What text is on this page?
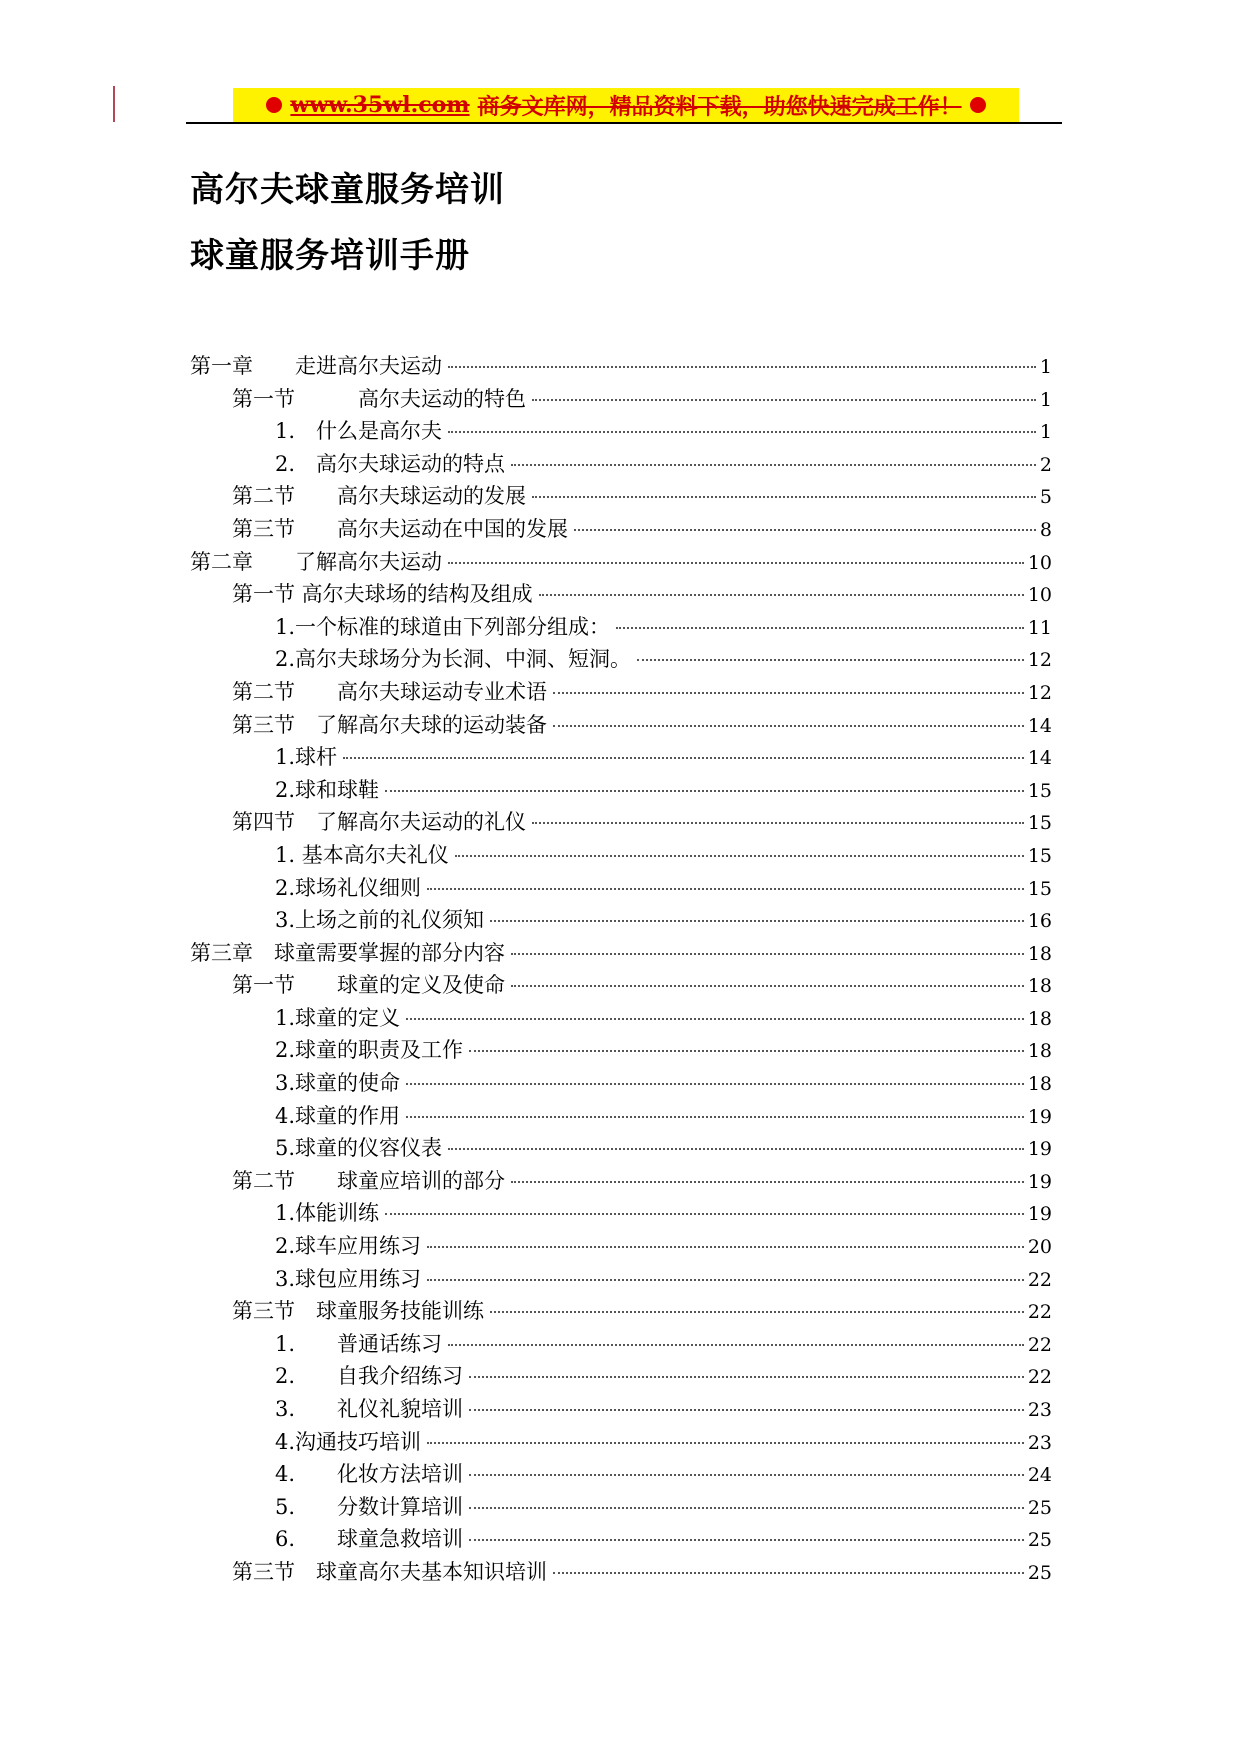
www.35wl.com 商务文库网，精品资料下载，助您快速完成工作！
高尔夫球童服务培训
球童服务培训手册
第一章　　走进高尔夫运动	1
第一节　　　高尔夫运动的特色	1
1.　什么是高尔夫	1
2.　高尔夫球运动的特点	2
第二节　　高尔夫球运动的发展	5
第三节　　高尔夫运动在中国的发展	8
第二章　　了解高尔夫运动	10
第一节 高尔夫球场的结构及组成	10
1.一个标准的球道由下列部分组成：	11
2.高尔夫球场分为长洞、中洞、短洞。	12
第二节　　高尔夫球运动专业术语	12
第三节　了解高尔夫球的运动装备	14
1.球杆	14
2.球和球鞋	15
第四节　了解高尔夫运动的礼仪	15
1. 基本高尔夫礼仪	15
2.球场礼仪细则	15
3.上场之前的礼仪须知	16
第三章　球童需要掌握的部分内容	18
第一节　　球童的定义及使命	18
1.球童的定义	18
2.球童的职责及工作	18
3.球童的使命	18
4.球童的作用	19
5.球童的仪容仪表	19
第二节　　球童应培训的部分	19
1.体能训练	19
2.球车应用练习	20
3.球包应用练习	22
第三节　球童服务技能训练	22
1.　　普通话练习	22
2.　　自我介绍练习	22
3.　　礼仪礼貌培训	23
4.沟通技巧培训	23
4.　　化妆方法培训	24
5.　　分数计算培训	25
6.　　球童急救培训	25
第三节　球童高尔夫基本知识培训	25
